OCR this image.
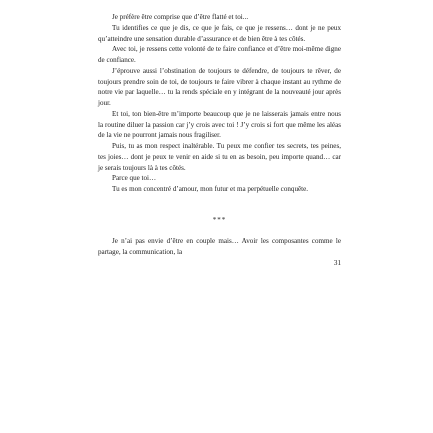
Je préfère être comprise que d’être flatté et toi...

Tu identifies ce que je dis, ce que je fais, ce que je ressens… dont je ne peux qu’atteindre une sensation durable d’assurance et de bien être à tes côtés.

Avec toi, je ressens cette volonté de te faire confiance et d’être moi-même digne de confiance.

J’éprouve aussi l’obstination de toujours te défendre, de toujours te rêver, de toujours prendre soin de toi, de toujours te faire vibrer à chaque instant au rythme de notre vie par laquelle… tu la rends spéciale en y intégrant de la nouveauté jour après jour.

Et toi, ton bien-être m’importe beaucoup que je ne laisserais jamais entre nous la routine diluer la passion car j’y crois avec toi ! J’y crois si fort que même les aléas de la vie ne pourront jamais nous fragiliser.

Puis, tu as mon respect inaltérable. Tu peux me confier tes secrets, tes peines, tes joies… dont je peux te venir en aide si tu en as besoin, peu importe quand… car je serais toujours là à tes côtés.

Parce que toi…

Tu es mon concentré d’amour, mon futur et ma perpétuelle conquête.

***

Je n’ai pas envie d’être en couple mais… Avoir les composantes comme le partage, la communication, la

31
